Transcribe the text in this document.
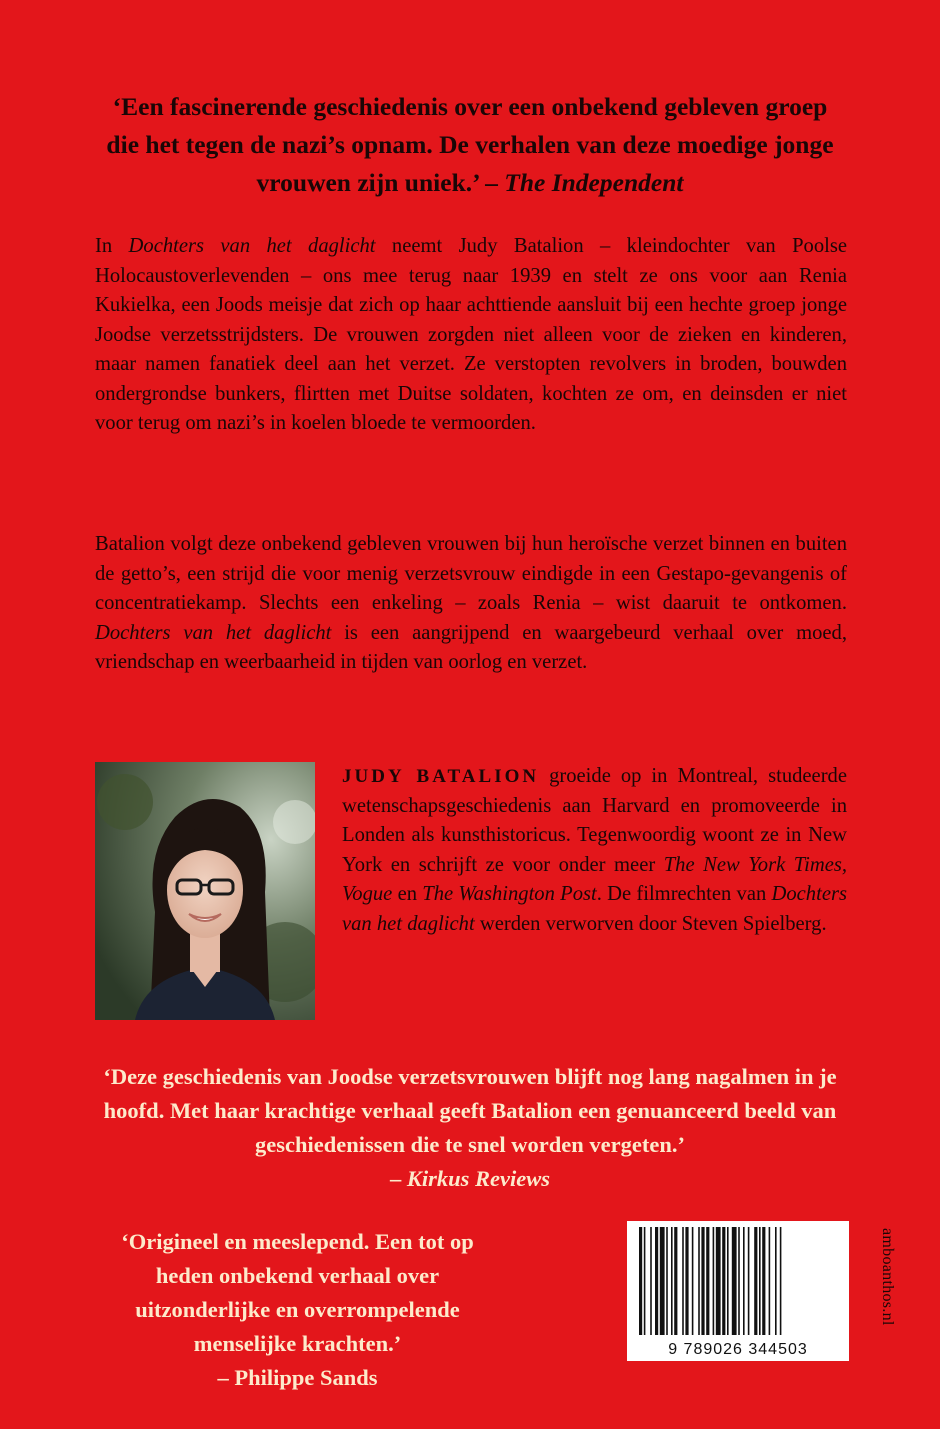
‘Een fascinerende geschiedenis over een onbekend gebleven groep die het tegen de nazi’s opnam. De verhalen van deze moedige jonge vrouwen zijn uniek.’ – The Independent
In Dochters van het daglicht neemt Judy Batalion – kleindochter van Poolse Holocaustoverlevenden – ons mee terug naar 1939 en stelt ze ons voor aan Renia Kukielka, een Joods meisje dat zich op haar achttiende aansluit bij een hechte groep jonge Joodse verzetsstrijdsters. De vrouwen zorgden niet alleen voor de zieken en kinderen, maar namen fanatiek deel aan het verzet. Ze verstopten revolvers in broden, bouwden ondergrondse bunkers, flirtten met Duitse soldaten, kochten ze om, en deinsden er niet voor terug om nazi’s in koelen bloede te vermoorden.
Batalion volgt deze onbekend gebleven vrouwen bij hun heroïsche verzet binnen en buiten de getto’s, een strijd die voor menig verzetsvrouw eindigde in een Gestapo-gevangenis of concentratiekamp. Slechts een enkeling – zoals Renia – wist daaruit te ontkomen. Dochters van het daglicht is een aangrijpend en waargebeurd verhaal over moed, vriendschap en weerbaarheid in tijden van oorlog en verzet.
JUDY BATALION groeide op in Montreal, studeerde wetenschapsgeschiedenis aan Harvard en promoveerde in Londen als kunsthistoricus. Tegenwoordig woont ze in New York en schrijft ze voor onder meer The New York Times, Vogue en The Washington Post. De filmrechten van Dochters van het daglicht werden verworven door Steven Spielberg.
‘Deze geschiedenis van Joodse verzetsvrouwen blijft nog lang nagalmen in je hoofd. Met haar krachtige verhaal geeft Batalion een genuanceerd beeld van geschiedenissen die te snel worden vergeten.’
– Kirkus Reviews
‘Origineel en meeslepend. Een tot op heden onbekend verhaal over uitzonderlijke en overrompelende menselijke krachten.’
– Philippe Sands
9 789026 344503
amboanthos.nl
